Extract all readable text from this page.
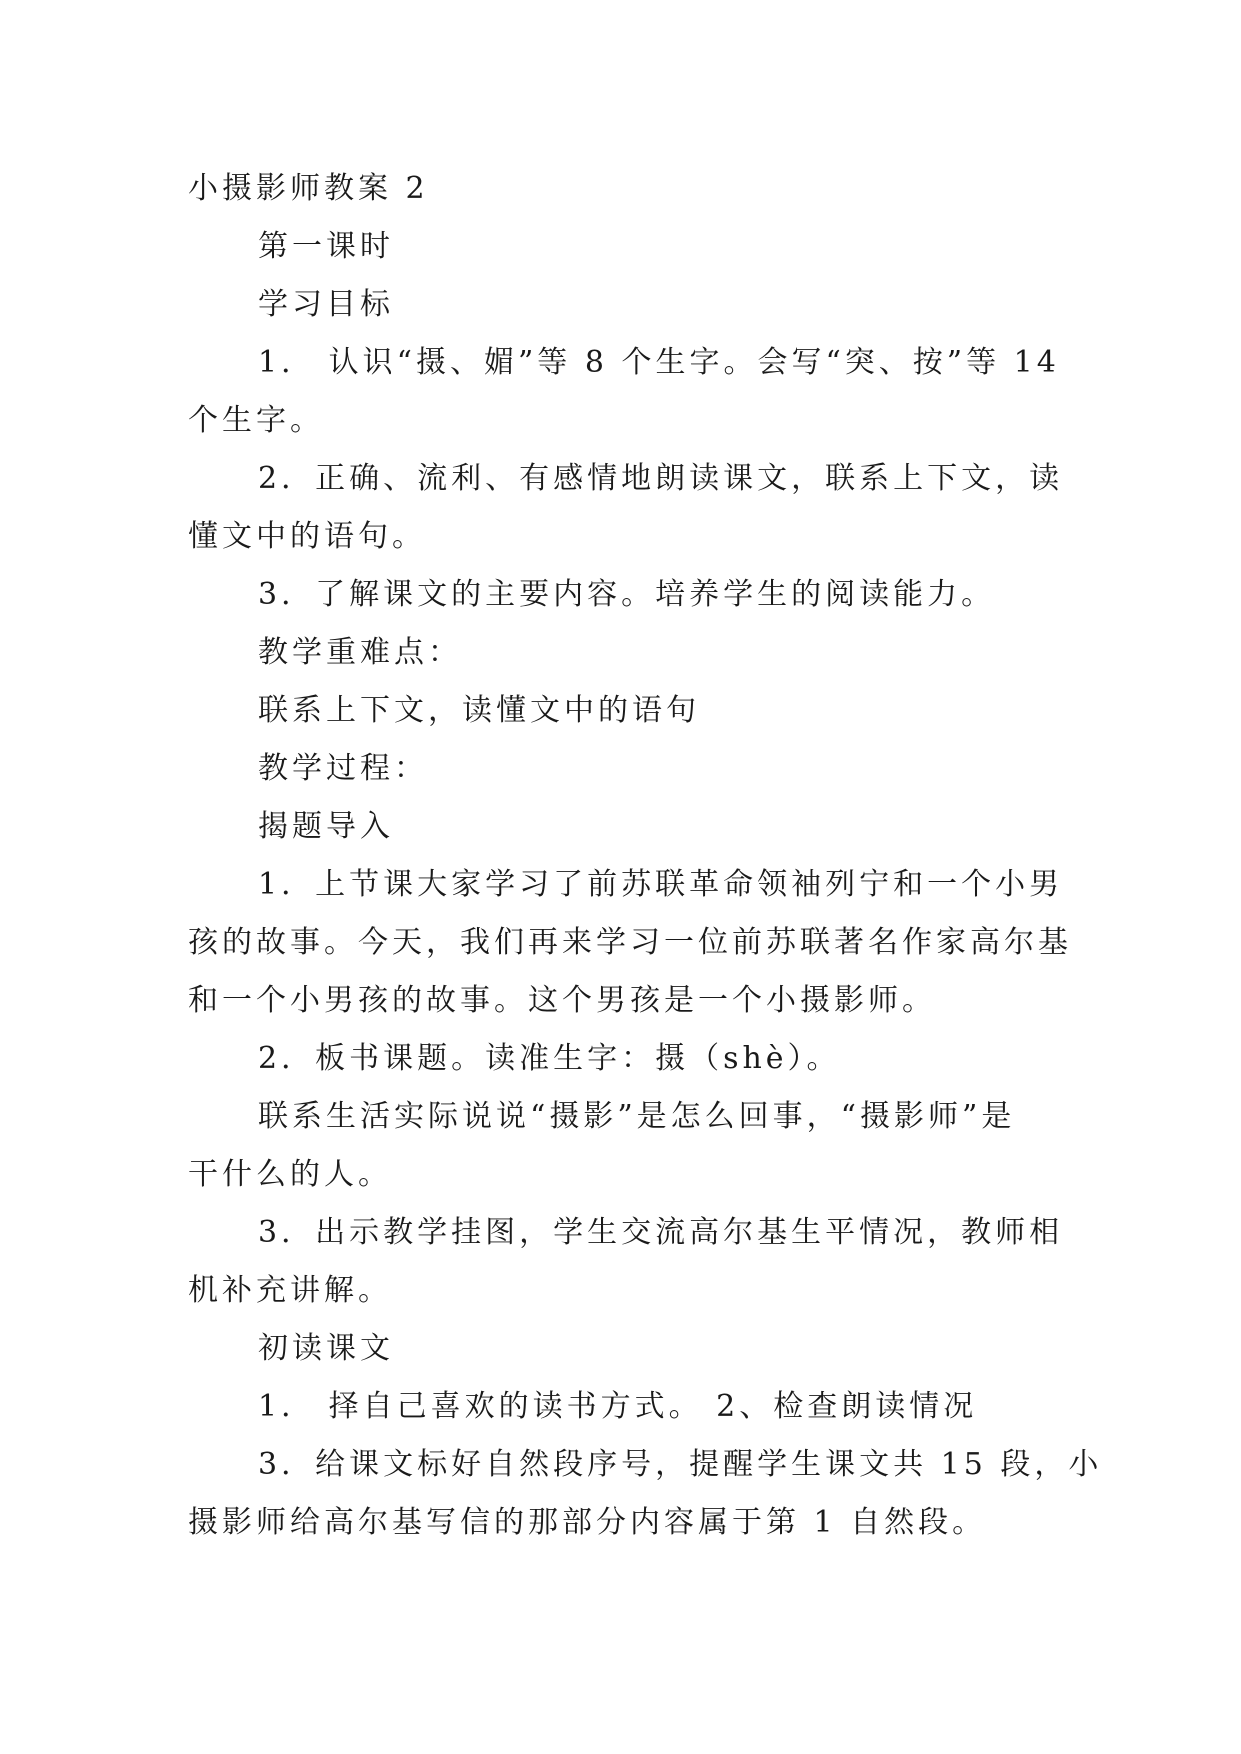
小摄影师教案 2
第一课时
学习目标
1． 认识“摄、媚”等 8 个生字。会写“突、按”等 14
个生字。
2．正确、流利、有感情地朗读课文，联系上下文，读
懂文中的语句。
3．了解课文的主要内容。培养学生的阅读能力。
教学重难点：
联系上下文，读懂文中的语句
教学过程：
揭题导入
1．上节课大家学习了前苏联革命领袖列宁和一个小男
孩的故事。今天，我们再来学习一位前苏联著名作家高尔基
和一个小男孩的故事。这个男孩是一个小摄影师。
2．板书课题。读准生字：摄（shè）。
联系生活实际说说“摄影”是怎么回事，“摄影师”是
干什么的人。
3．出示教学挂图，学生交流高尔基生平情况，教师相
机补充讲解。
初读课文
1． 择自己喜欢的读书方式。 2、检查朗读情况
3．给课文标好自然段序号，提醒学生课文共 15 段，小
摄影师给高尔基写信的那部分内容属于第 1 自然段。
